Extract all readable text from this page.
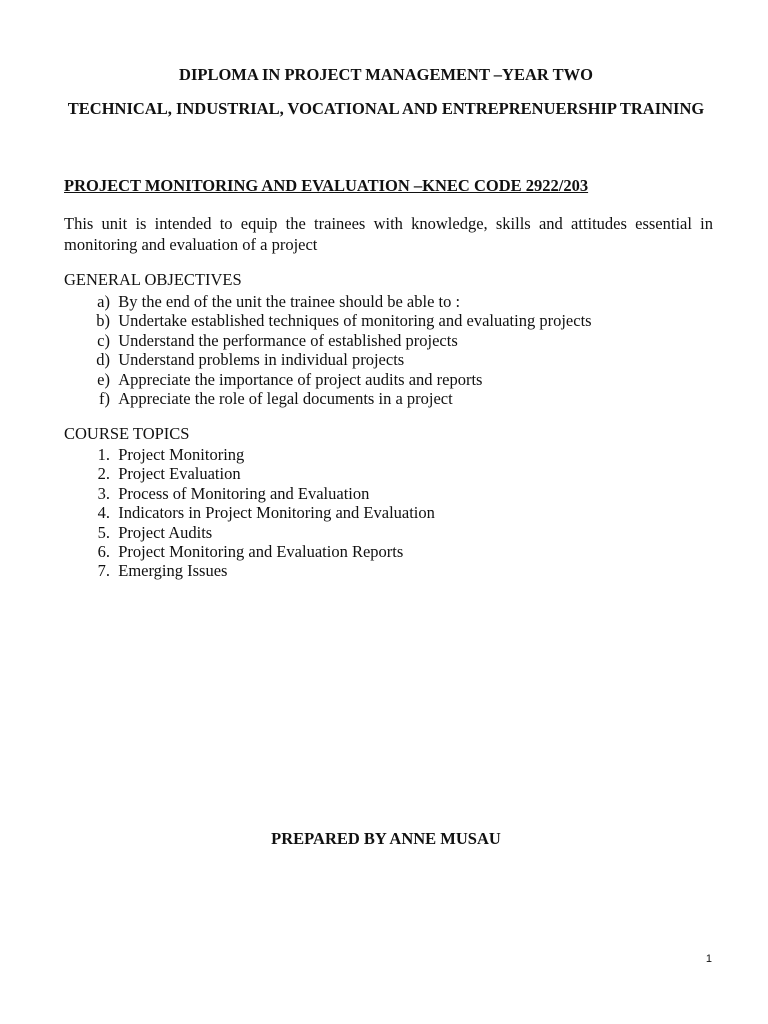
DIPLOMA IN PROJECT MANAGEMENT –YEAR TWO
TECHNICAL, INDUSTRIAL, VOCATIONAL AND ENTREPRENUERSHIP TRAINING
PROJECT MONITORING AND EVALUATION –KNEC CODE 2922/203
This unit is intended to equip the trainees with knowledge, skills and attitudes essential in monitoring and evaluation of a project
GENERAL OBJECTIVES
a) By the end of the unit the trainee should be able to :
b) Undertake established techniques of monitoring and evaluating projects
c) Understand the performance of established projects
d) Understand problems in individual projects
e) Appreciate the importance of project audits and reports
f) Appreciate the role of legal documents in a project
COURSE TOPICS
1. Project Monitoring
2. Project Evaluation
3. Process of Monitoring and Evaluation
4. Indicators in Project Monitoring and Evaluation
5. Project Audits
6. Project Monitoring and Evaluation Reports
7. Emerging Issues
PREPARED BY ANNE MUSAU
1
